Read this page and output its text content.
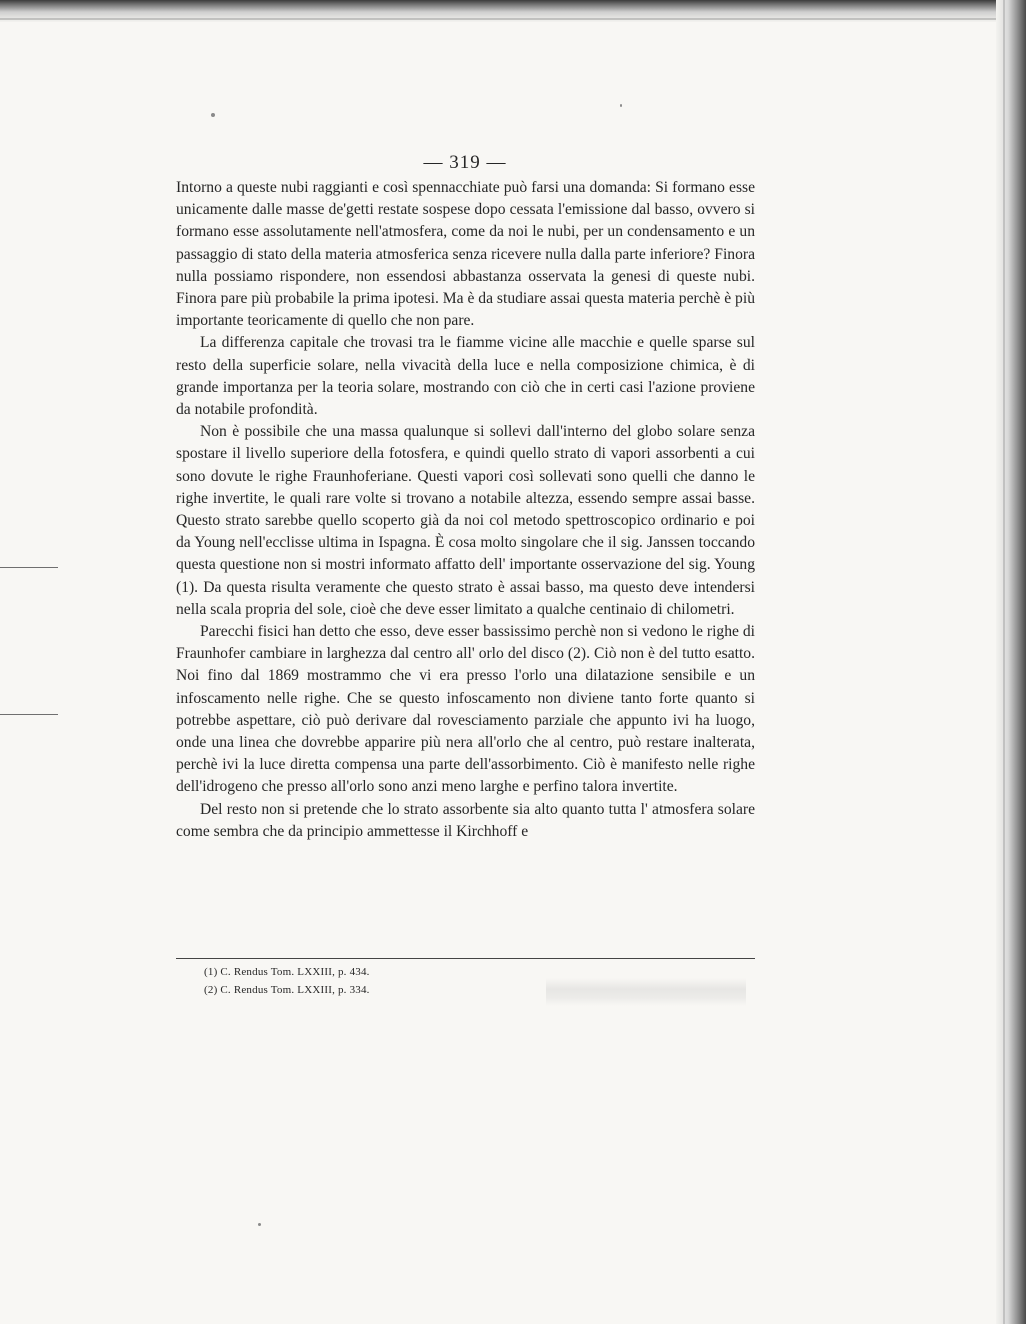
— 319 —

Intorno a queste nubi raggianti e così spennacchiate può farsi una domanda: Si formano esse unicamente dalle masse de'getti restate sospese dopo cessata l'emissione dal basso, ovvero si formano esse assolutamente nell'atmosfera, come da noi le nubi, per un condensamento e un passaggio di stato della materia atmosferica senza ricevere nulla dalla parte inferiore? Finora nulla possiamo rispondere, non essendosi abbastanza osservata la genesi di queste nubi. Finora pare più probabile la prima ipotesi. Ma è da studiare assai questa materia perchè è più importante teoricamente di quello che non pare.

La differenza capitale che trovasi tra le fiamme vicine alle macchie e quelle sparse sul resto della superficie solare, nella vivacità della luce e nella composizione chimica, è di grande importanza per la teoria solare, mostrando con ciò che in certi casi l'azione proviene da notabile profondità.

Non è possibile che una massa qualunque si sollevi dall'interno del globo solare senza spostare il livello superiore della fotosfera, e quindi quello strato di vapori assorbenti a cui sono dovute le righe Fraunhoferiane. Questi vapori così sollevati sono quelli che danno le righe invertite, le quali rare volte si trovano a notabile altezza, essendo sempre assai basse. Questo strato sarebbe quello scoperto già da noi col metodo spettroscopico ordinario e poi da Young nell'ecclisse ultima in Ispagna. È cosa molto singolare che il sig. Janssen toccando questa questione non si mostri informato affatto dell' importante osservazione del sig. Young (1). Da questa risulta veramente che questo strato è assai basso, ma questo deve intendersi nella scala propria del sole, cioè che deve esser limitato a qualche centinaio di chilometri.

Parecchi fisici han detto che esso, deve esser bassissimo perchè non si vedono le righe di Fraunhofer cambiare in larghezza dal centro all' orlo del disco (2). Ciò non è del tutto esatto. Noi fino dal 1869 mostrammo che vi era presso l'orlo una dilatazione sensibile e un infoscamento nelle righe. Che se questo infoscamento non diviene tanto forte quanto si potrebbe aspettare, ciò può derivare dal rovesciamento parziale che appunto ivi ha luogo, onde una linea che dovrebbe apparire più nera all'orlo che al centro, può restare inalterata, perchè ivi la luce diretta compensa una parte dell'assorbimento. Ciò è manifesto nelle righe dell'idrogeno che presso all'orlo sono anzi meno larghe e perfino talora invertite.

Del resto non si pretende che lo strato assorbente sia alto quanto tutta l' atmosfera solare come sembra che da principio ammettesse il Kirchhoff e

(1) C. Rendus Tom. LXXIII, p. 434.
(2) C. Rendus Tom. LXXIII, p. 334.
